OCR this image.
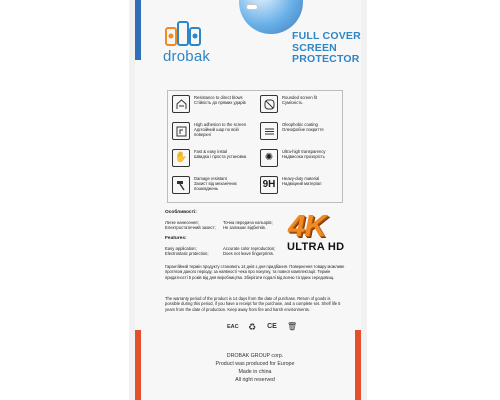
drobak
FULL COVER
SCREEN
PROTECTOR
Resistance to direct blows
Стійкість до прямих ударів
High adhesion to the screen
Адгезійний шар по всій поверхні
✋
Fast & easy instal
Швидка і проста установка
Damage resistant
Захист від механічних пошкоджень
Rounded screen fit
Сумісність
Oleophobic coating
Олеофобне покриття
✺
Ultra-high transparency
Надвисока прозорість
9H
Heavy-duty material
Надміцний матеріал
Особливості:
Легке нанесення;
Електростатичний захист;
Точна передача кольорів;
Не залишає відбитків.
Features:
Easy application;
Electrostatic protection;
Accurate color reproduction;
Does not leave fingerprints.
4K
ULTRA HD
Гарантійний термін продукту становить 14 днів з дня придбання. Повернення товару можливе протягом даного періоду, за наявності чека про покупку, та повної комплектації. Термін придатності 5 років від дня виробництва. Зберігати подалі від вогню та їдких середовищ.
The warranty period of the product is 14 days from the date of purchase. Return of goods is possible during this period, if you have a receipt for the purchase, and a complete set. Shelf life 5 years from the date of production. Keep away from fire and harsh environments.
EAC ♻ CE 🗑
DROBAK GROUP corp.
Product was produced for Europe
Made in china
All right reserved
